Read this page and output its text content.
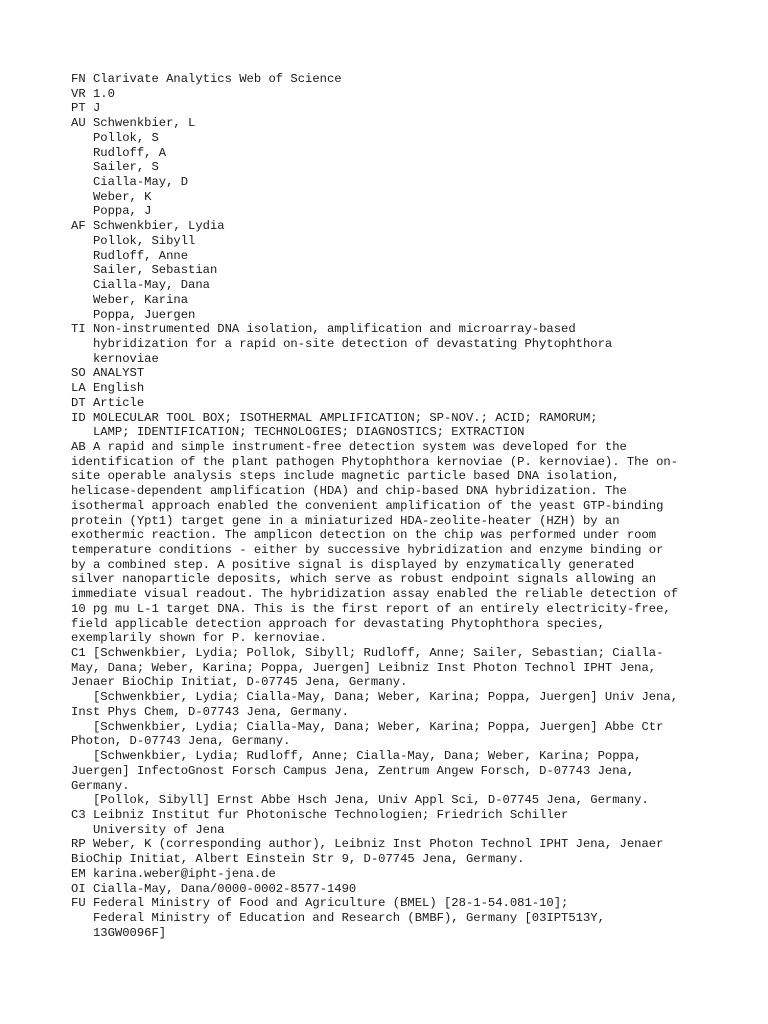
FN Clarivate Analytics Web of Science
VR 1.0
PT J
AU Schwenkbier, L
Pollok, S
Rudloff, A
Sailer, S
Cialla-May, D
Weber, K
Poppa, J
AF Schwenkbier, Lydia
Pollok, Sibyll
Rudloff, Anne
Sailer, Sebastian
Cialla-May, Dana
Weber, Karina
Poppa, Juergen
TI Non-instrumented DNA isolation, amplification and microarray-based
hybridization for a rapid on-site detection of devastating Phytophthora
kernoviae
SO ANALYST
LA English
DT Article
ID MOLECULAR TOOL BOX; ISOTHERMAL AMPLIFICATION; SP-NOV.; ACID; RAMORUM;
LAMP; IDENTIFICATION; TECHNOLOGIES; DIAGNOSTICS; EXTRACTION
AB A rapid and simple instrument-free detection system was developed for the
identification of the plant pathogen Phytophthora kernoviae (P. kernoviae). The on-
site operable analysis steps include magnetic particle based DNA isolation,
helicase-dependent amplification (HDA) and chip-based DNA hybridization. The
isothermal approach enabled the convenient amplification of the yeast GTP-binding
protein (Ypt1) target gene in a miniaturized HDA-zeolite-heater (HZH) by an
exothermic reaction. The amplicon detection on the chip was performed under room
temperature conditions - either by successive hybridization and enzyme binding or
by a combined step. A positive signal is displayed by enzymatically generated
silver nanoparticle deposits, which serve as robust endpoint signals allowing an
immediate visual readout. The hybridization assay enabled the reliable detection of
10 pg mu L-1 target DNA. This is the first report of an entirely electricity-free,
field applicable detection approach for devastating Phytophthora species,
exemplarily shown for P. kernoviae.
C1 [Schwenkbier, Lydia; Pollok, Sibyll; Rudloff, Anne; Sailer, Sebastian; Cialla-
May, Dana; Weber, Karina; Poppa, Juergen] Leibniz Inst Photon Technol IPHT Jena,
Jenaer BioChip Initiat, D-07745 Jena, Germany.
[Schwenkbier, Lydia; Cialla-May, Dana; Weber, Karina; Poppa, Juergen] Univ Jena,
Inst Phys Chem, D-07743 Jena, Germany.
[Schwenkbier, Lydia; Cialla-May, Dana; Weber, Karina; Poppa, Juergen] Abbe Ctr
Photon, D-07743 Jena, Germany.
[Schwenkbier, Lydia; Rudloff, Anne; Cialla-May, Dana; Weber, Karina; Poppa,
Juergen] InfectoGnost Forsch Campus Jena, Zentrum Angew Forsch, D-07743 Jena,
Germany.
[Pollok, Sibyll] Ernst Abbe Hsch Jena, Univ Appl Sci, D-07745 Jena, Germany.
C3 Leibniz Institut fur Photonische Technologien; Friedrich Schiller
University of Jena
RP Weber, K (corresponding author), Leibniz Inst Photon Technol IPHT Jena, Jenaer
BioChip Initiat, Albert Einstein Str 9, D-07745 Jena, Germany.
EM karina.weber@ipht-jena.de
OI Cialla-May, Dana/0000-0002-8577-1490
FU Federal Ministry of Food and Agriculture (BMEL) [28-1-54.081-10];
Federal Ministry of Education and Research (BMBF), Germany [03IPT513Y,
13GW0096F]
